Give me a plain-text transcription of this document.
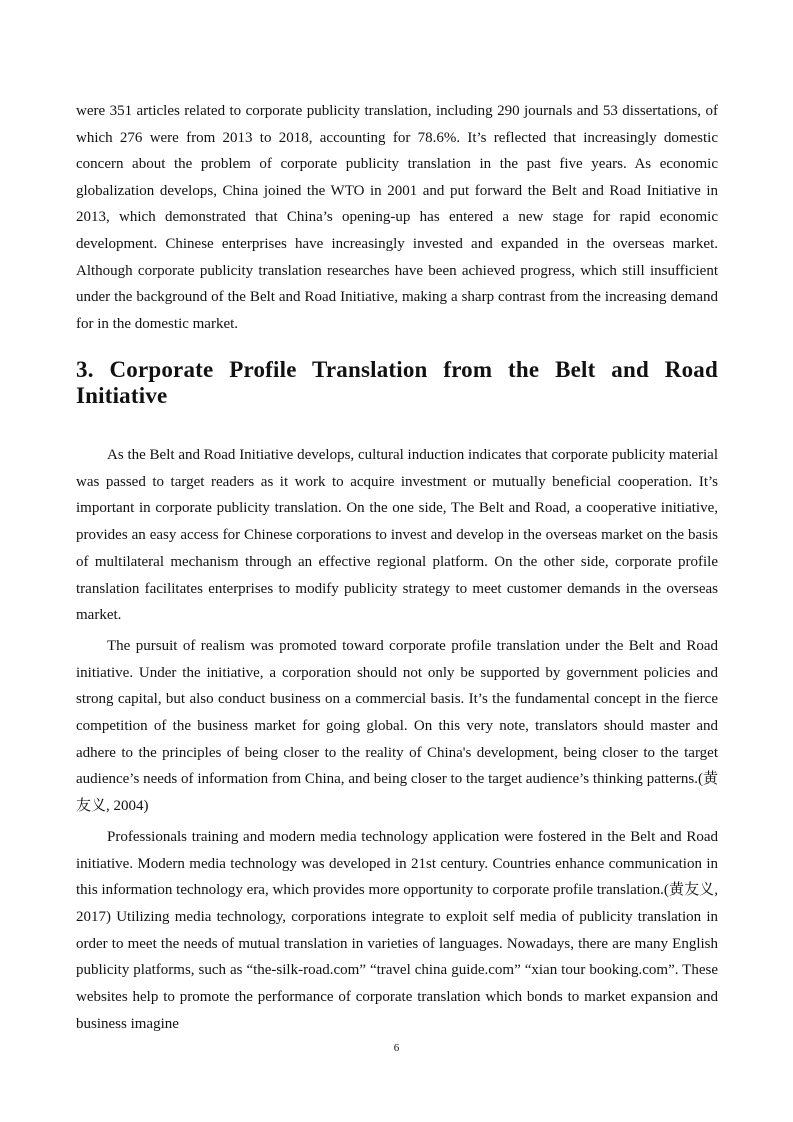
were 351 articles related to corporate publicity translation, including 290 journals and 53 dissertations, of which 276 were from 2013 to 2018, accounting for 78.6%. It’s reflected that increasingly domestic concern about the problem of corporate publicity translation in the past five years. As economic globalization develops, China joined the WTO in 2001 and put forward the Belt and Road Initiative in 2013, which demonstrated that China’s opening-up has entered a new stage for rapid economic development. Chinese enterprises have increasingly invested and expanded in the overseas market. Although corporate publicity translation researches have been achieved progress, which still insufficient under the background of the Belt and Road Initiative, making a sharp contrast from the increasing demand for in the domestic market.

3. Corporate Profile Translation from the Belt and Road Initiative

As the Belt and Road Initiative develops, cultural induction indicates that corporate publicity material was passed to target readers as it work to acquire investment or mutually beneficial cooperation. It’s important in corporate publicity translation. On the one side, The Belt and Road, a cooperative initiative, provides an easy access for Chinese corporations to invest and develop in the overseas market on the basis of multilateral mechanism through an effective regional platform. On the other side, corporate profile translation facilitates enterprises to modify publicity strategy to meet customer demands in the overseas market.

The pursuit of realism was promoted toward corporate profile translation under the Belt and Road initiative. Under the initiative, a corporation should not only be supported by government policies and strong capital, but also conduct business on a commercial basis. It’s the fundamental concept in the fierce competition of the business market for going global. On this very note, translators should master and adhere to the principles of being closer to the reality of China's development, being closer to the target audience’s needs of information from China, and being closer to the target audience’s thinking patterns.(黄友义, 2004)

Professionals training and modern media technology application were fostered in the Belt and Road initiative. Modern media technology was developed in 21st century. Countries enhance communication in this information technology era, which provides more opportunity to corporate profile translation.(黄友义, 2017) Utilizing media technology, corporations integrate to exploit self media of publicity translation in order to meet the needs of mutual translation in varieties of languages. Nowadays, there are many English publicity platforms, such as “the-silk-road.com” “travel china guide.com” “xian tour booking.com”. These websites help to promote the performance of corporate translation which bonds to market expansion and business imagine

6
